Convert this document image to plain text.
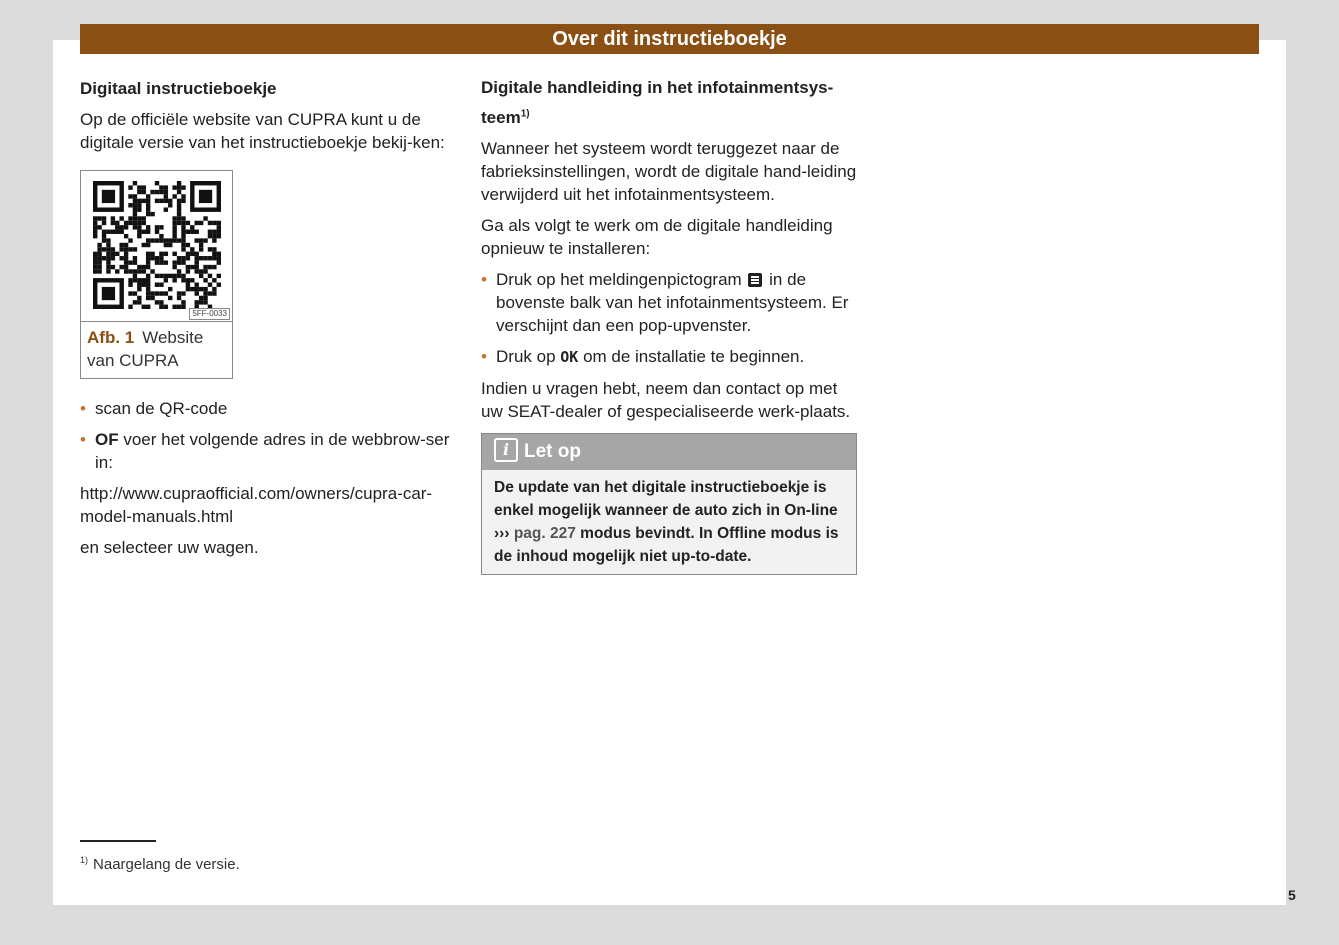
Over dit instructieboekje
Digitaal instructieboekje

Op de officiële website van CUPRA kunt u de digitale versie van het instructieboekje bekij-ken:

5FF-0033
Afb. 1 Website van CUPRA
• scan de QR-code
• OF voer het volgende adres in de webbrow-ser in:

http://www.cupraofficial.com/owners/cupra-car-model-manuals.html

en selecteer uw wagen.

Digitale handleiding in het infotainmentsys-teem$^{1)}$

Wanneer het systeem wordt teruggezet naar de fabrieksinstellingen, wordt de digitale hand-leiding verwijderd uit het infotainmentsysteem.

Ga als volgt te werk om de digitale handleiding opnieuw te installeren:

• Druk op het meldingenpictogram in de bovenste balk van het infotainmentsysteem. Er verschijnt dan een pop-upvenster.
• Druk op OK om de installatie te beginnen.

Indien u vragen hebt, neem dan contact op met uw SEAT-dealer of gespecialiseerde werk-plaats.

i Let op
De update van het digitale instructieboekje is enkel mogelijk wanneer de auto zich in On-line ››› pag. 227 modus bevindt. In Offline modus is de inhoud mogelijk niet up-to-date.
$^{1)}$ Naargelang de versie.
5
